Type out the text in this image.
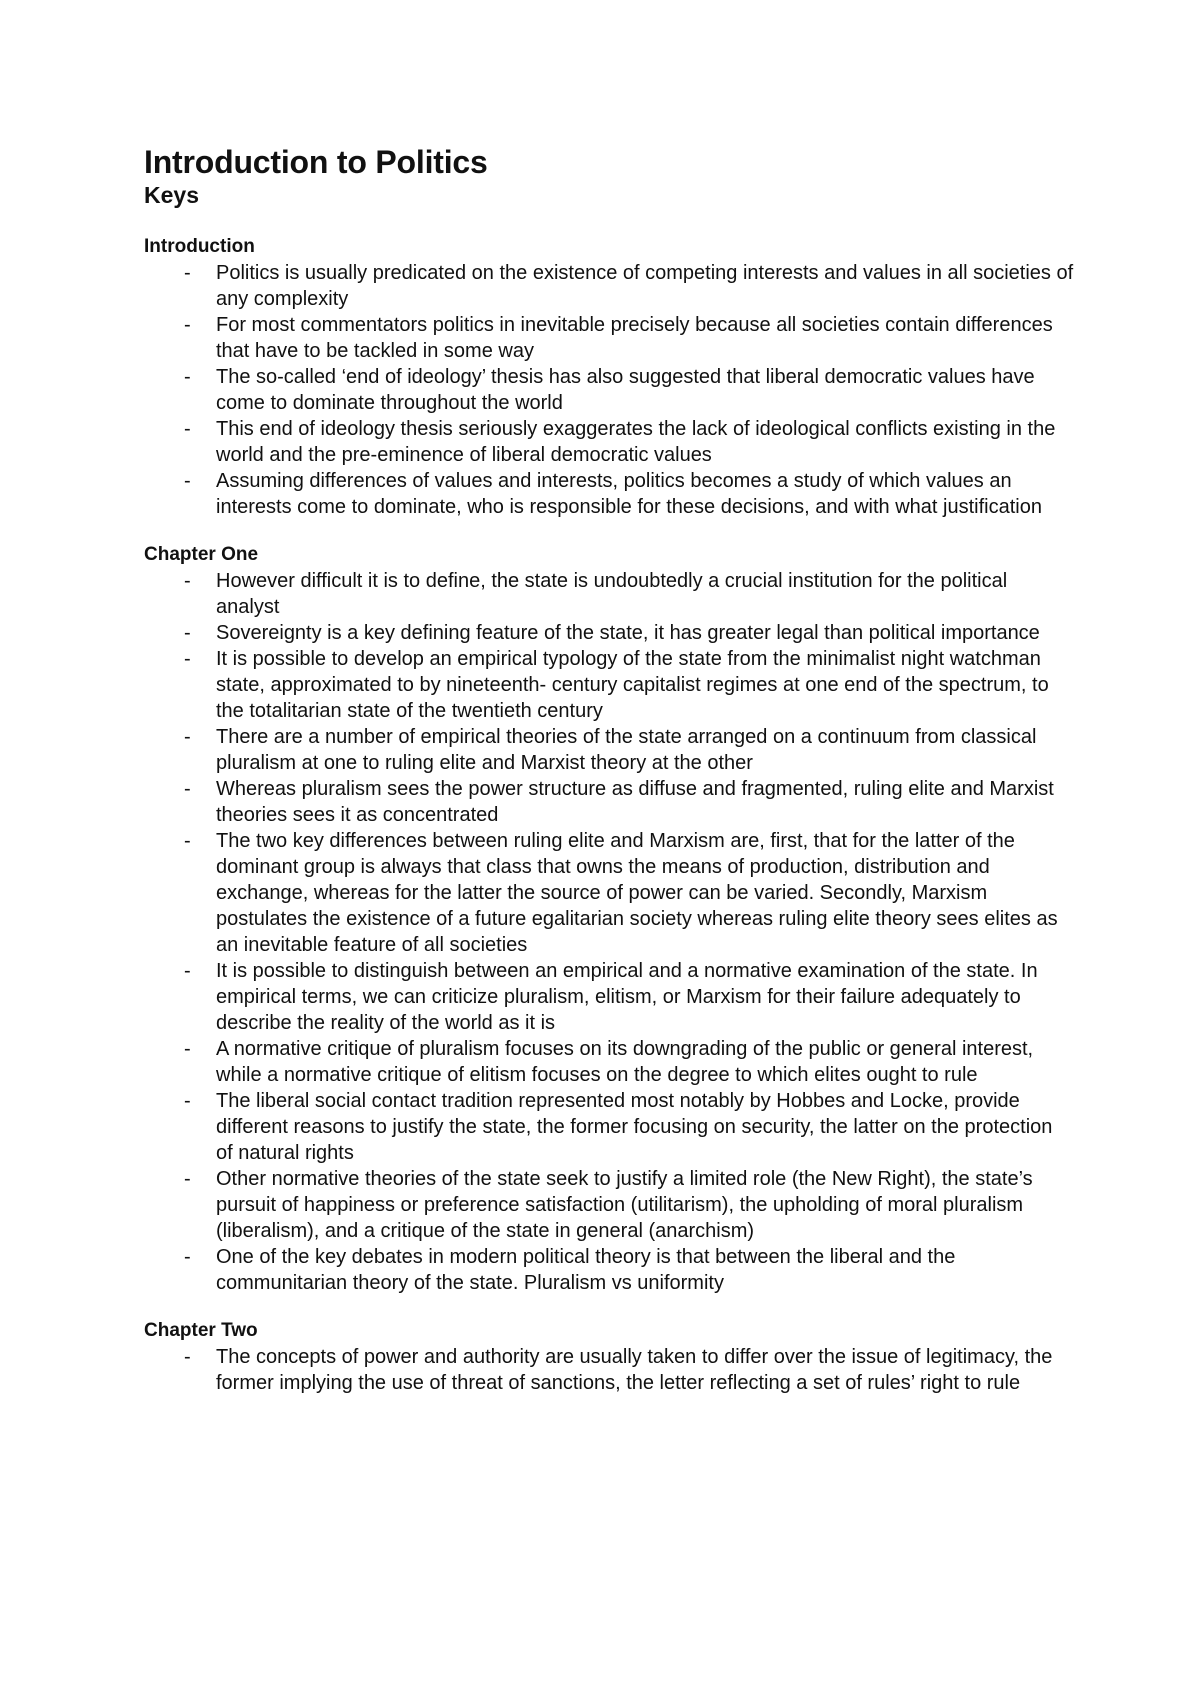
Introduction to Politics
Keys
Introduction
- Politics is usually predicated on the existence of competing interests and values in all societies of any complexity
- For most commentators politics in inevitable precisely because all societies contain differences that have to be tackled in some way
- The so-called ‘end of ideology’ thesis has also suggested that liberal democratic values have come to dominate throughout the world
- This end of ideology thesis seriously exaggerates the lack of ideological conflicts existing in the world and the pre-eminence of liberal democratic values
- Assuming differences of values and interests, politics becomes a study of which values an interests come to dominate, who is responsible for these decisions, and with what justification
Chapter One
- However difficult it is to define, the state is undoubtedly a crucial institution for the political analyst
- Sovereignty is a key defining feature of the state, it has greater legal than political importance
- It is possible to develop an empirical typology of the state from the minimalist night watchman state, approximated to by nineteenth- century capitalist regimes at one end of the spectrum, to the totalitarian state of the twentieth century
- There are a number of empirical theories of the state arranged on a continuum from classical pluralism at one to ruling elite and Marxist theory at the other
- Whereas pluralism sees the power structure as diffuse and fragmented, ruling elite and Marxist theories sees it as concentrated
- The two key differences between ruling elite and Marxism are, first, that for the latter of the dominant group is always that class that owns the means of production, distribution and exchange, whereas for the latter the source of power can be varied. Secondly, Marxism postulates the existence of a future egalitarian society whereas ruling elite theory sees elites as an inevitable feature of all societies
- It is possible to distinguish between an empirical and a normative examination of the state. In empirical terms, we can criticize pluralism, elitism, or Marxism for their failure adequately to describe the reality of the world as it is
- A normative critique of pluralism focuses on its downgrading of the public or general interest, while a normative critique of elitism focuses on the degree to which elites ought to rule
- The liberal social contact tradition represented most notably by Hobbes and Locke, provide different reasons to justify the state, the former focusing on security, the latter on the protection of natural rights
- Other normative theories of the state seek to justify a limited role (the New Right), the state’s pursuit of happiness or preference satisfaction (utilitarism), the upholding of moral pluralism (liberalism), and a critique of the state in general (anarchism)
- One of the key debates in modern political theory is that between the liberal and the communitarian theory of the state. Pluralism vs uniformity
Chapter Two
- The concepts of power and authority are usually taken to differ over the issue of legitimacy, the former implying the use of threat of sanctions, the letter reflecting a set of rules’ right to rule
